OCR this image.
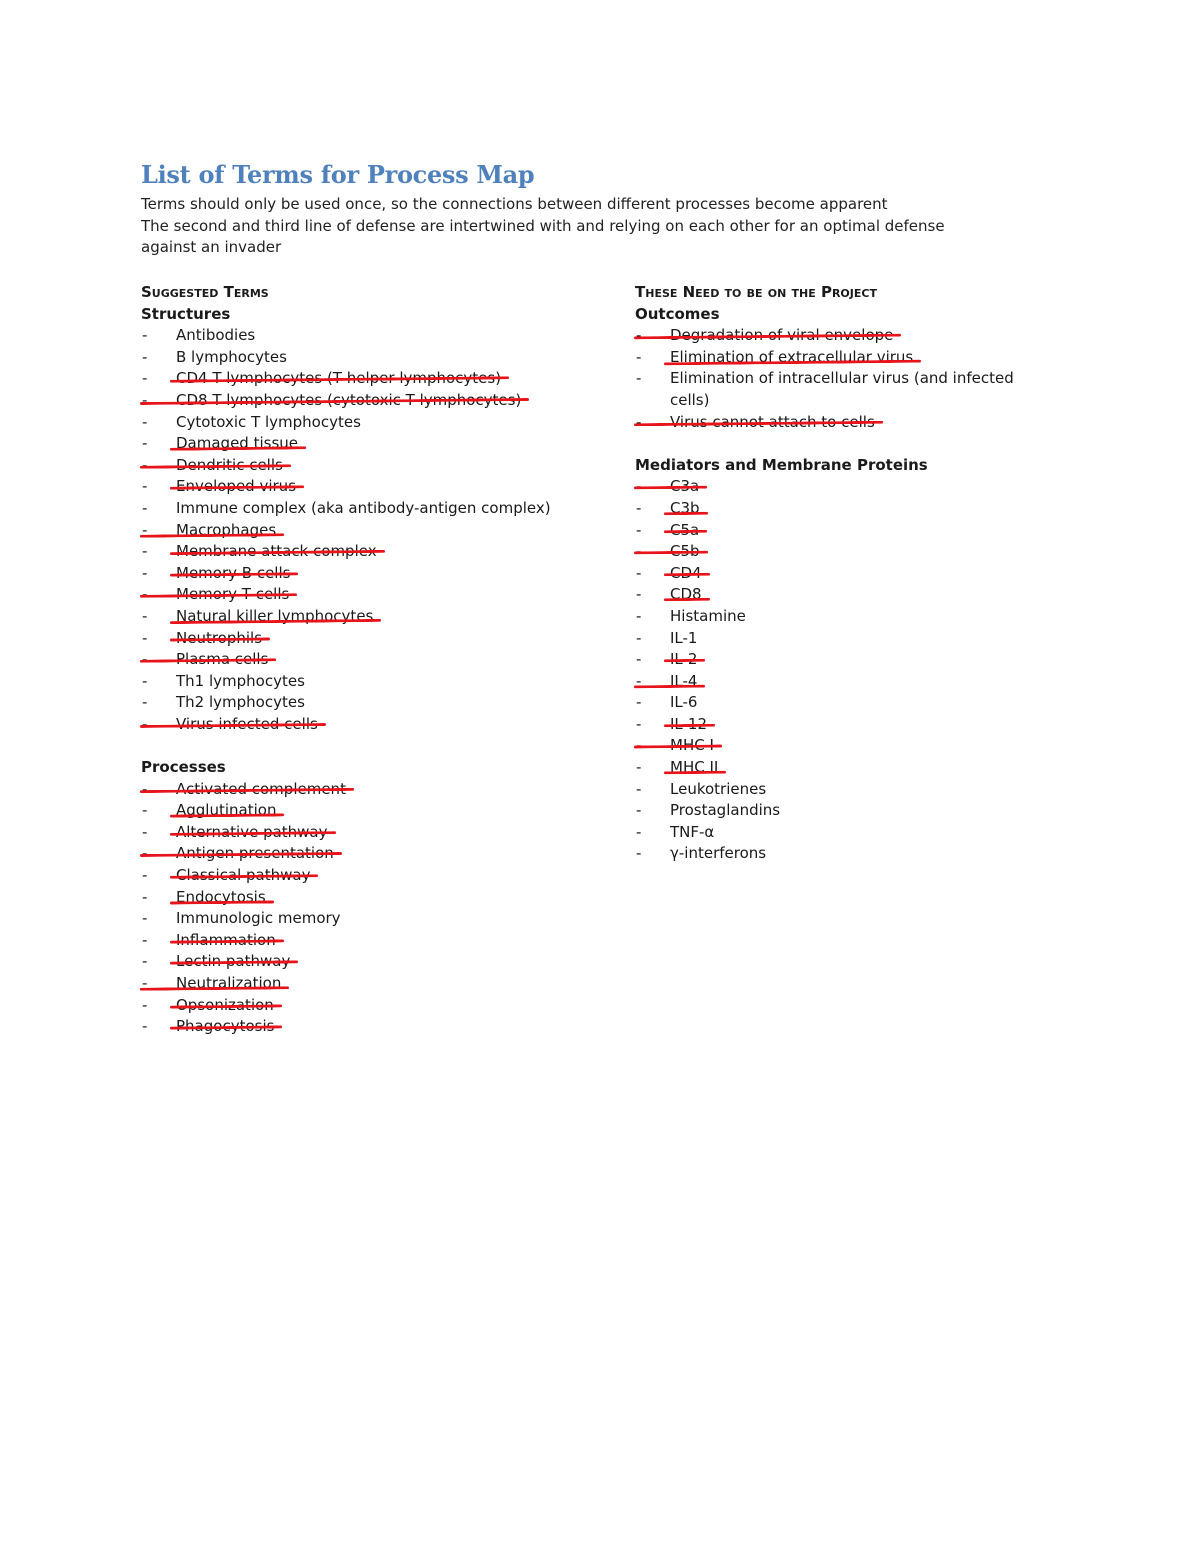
List of Terms for Process Map
Terms should only be used once, so the connections between different processes become apparent
The second and third line of defense are intertwined with and relying on each other for an optimal defense
against an invader
Suggested Terms
Structures
- Antibodies
- B lymphocytes
- CD4 T lymphocytes (T helper lymphocytes)
- CD8 T lymphocytes (cytotoxic T lymphocytes)
- Cytotoxic T lymphocytes
- Damaged tissue
- Dendritic cells
- Enveloped virus
- Immune complex (aka antibody-antigen complex)
- Macrophages
- Membrane attack complex
- Memory B cells
- Memory T cells
- Natural killer lymphocytes
- Neutrophils
- Plasma cells
- Th1 lymphocytes
- Th2 lymphocytes
- Virus infected cells
Processes
- Activated complement
- Agglutination
- Alternative pathway
- Antigen presentation
- Classical pathway
- Endocytosis
- Immunologic memory
- Inflammation
- Lectin pathway
- Neutralization
- Opsonization
- Phagocytosis
These Need to be on the Project
Outcomes
- Degradation of viral envelope
- Elimination of extracellular virus
- Elimination of intracellular virus (and infected cells)
- Virus cannot attach to cells
Mediators and Membrane Proteins
- C3a
- C3b
- C5a
- C5b
- CD4
- CD8
- Histamine
- IL-1
- IL-2
- IL-4
- IL-6
- IL-12
- MHC I
- MHC II
- Leukotrienes
- Prostaglandins
- TNF-α
- γ-interferons
